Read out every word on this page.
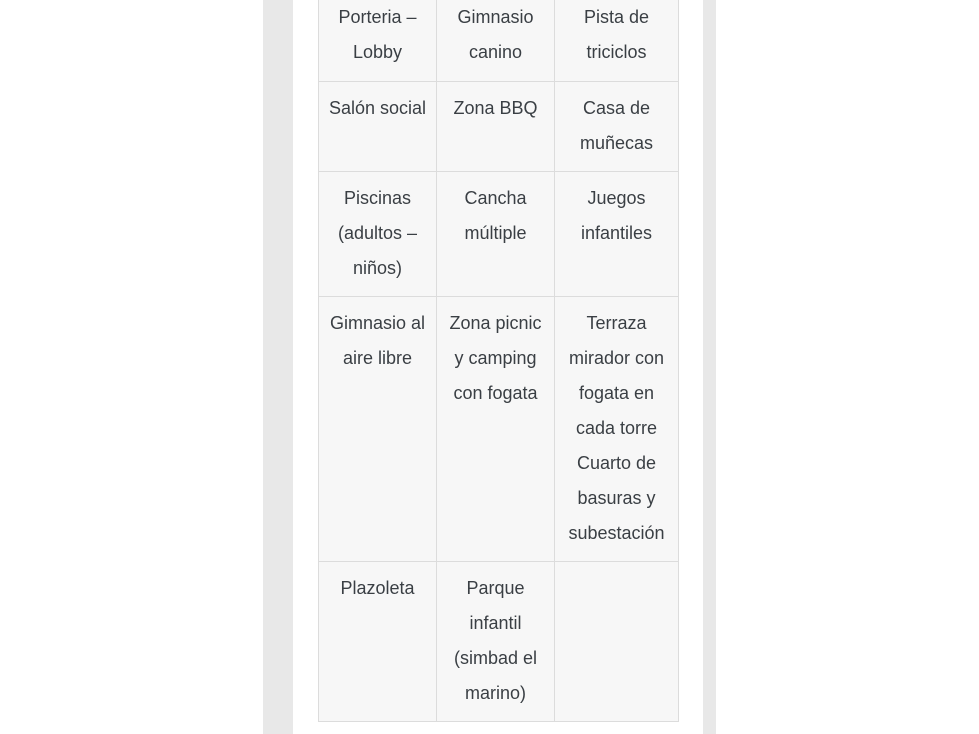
Porteria – Lobby	Gimnasio canino	Pista de triciclos

Salón social	Zona BBQ	Casa de muñecas

Piscinas (adultos – niños)	Cancha múltiple	Juegos infantiles

Gimnasio al aire libre	Zona picnic y camping con fogata	Terraza mirador con fogata en cada torre Cuarto de basuras y subestación

Plazoleta	Parque infantil (simbad el marino)	
